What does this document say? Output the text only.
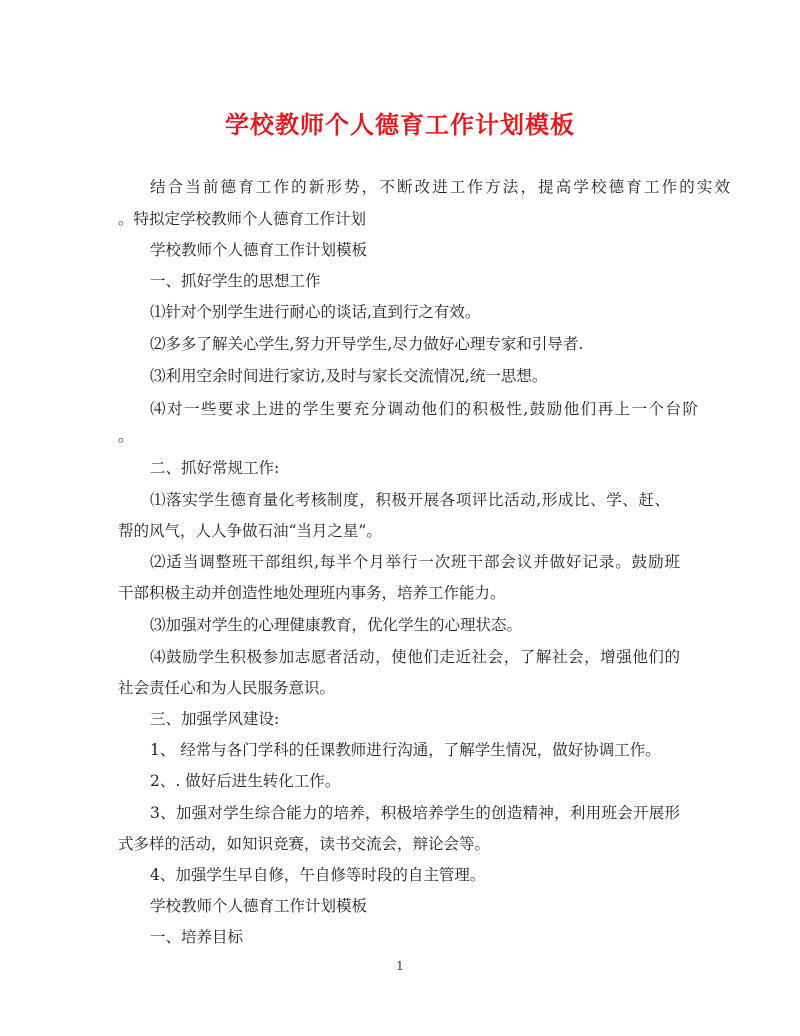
学校教师个人德育工作计划模板
结合当前德育工作的新形势，不断改进工作方法，提高学校德育工作的实效
。特拟定学校教师个人德育工作计划
学校教师个人德育工作计划模板
一、抓好学生的思想工作
⑴针对个别学生进行耐心的谈话,直到行之有效。
⑵多多了解关心学生,努力开导学生,尽力做好心理专家和引导者.
⑶利用空余时间进行家访,及时与家长交流情况,统一思想。
⑷对一些要求上进的学生要充分调动他们的积极性,鼓励他们再上一个台阶
。
二、抓好常规工作:
⑴落实学生德育量化考核制度，积极开展各项评比活动,形成比、学、赶、
帮的风气，人人争做石油“当月之星”。
⑵适当调整班干部组织,每半个月举行一次班干部会议并做好记录。鼓励班
干部积极主动并创造性地处理班内事务，培养工作能力。
⑶加强对学生的心理健康教育，优化学生的心理状态。
⑷鼓励学生积极参加志愿者活动，使他们走近社会，了解社会，增强他们的
社会责任心和为人民服务意识。
三、加强学风建设:
1、 经常与各门学科的任课教师进行沟通，了解学生情况，做好协调工作。
2、. 做好后进生转化工作。
3、加强对学生综合能力的培养，积极培养学生的创造精神，利用班会开展形
式多样的活动，如知识竞赛，读书交流会，辩论会等。
4、加强学生早自修，午自修等时段的自主管理。
学校教师个人德育工作计划模板
一、培养目标
1
